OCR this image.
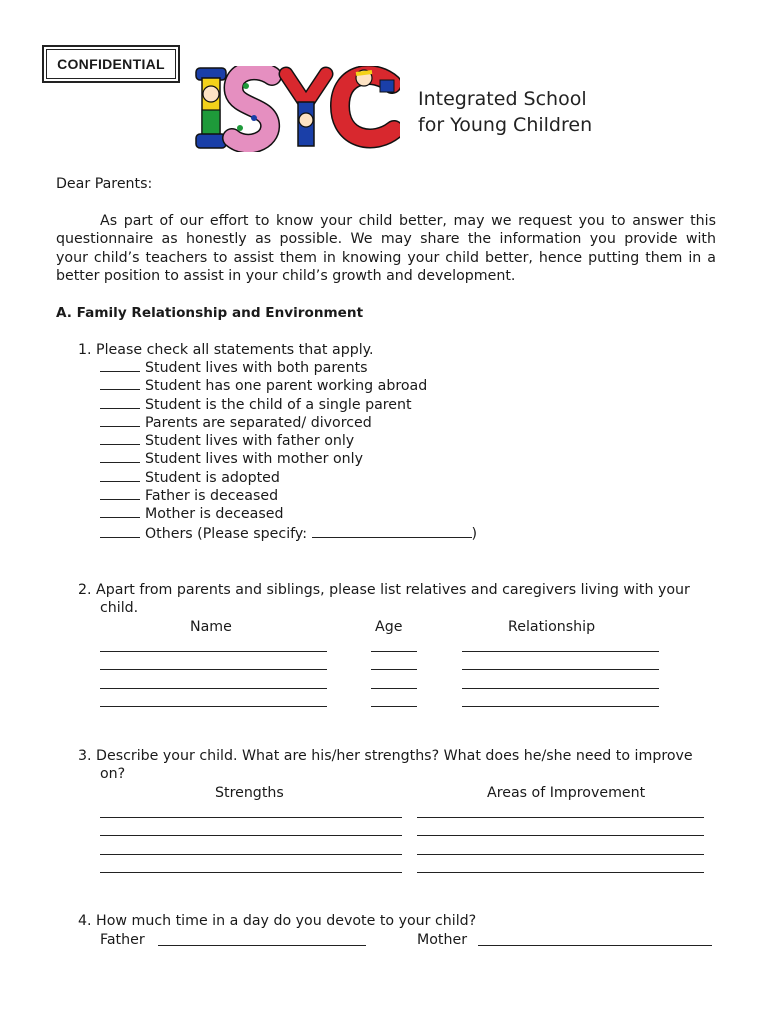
CONFIDENTIAL
Integrated School
for Young Children
Dear Parents:
As part of our effort to know your child better, may we request you to answer this
questionnaire as honestly as possible. We may share the information you provide with
your child’s teachers to assist them in knowing your child better, hence putting them in a
better position to assist in your child’s growth and development.
A. Family Relationship and Environment
1. Please check all statements that apply.
Student lives with both parents
Student has one parent working abroad
Student is the child of a single parent
Parents are separated/ divorced
Student lives with father only
Student lives with mother only
Student is adopted
Father is deceased
Mother is deceased
Others (Please specify:	)
2. Apart from parents and siblings, please list relatives and caregivers living with your
child.
Name	Age	Relationship
3. Describe your child. What are his/her strengths? What does he/she need to improve
on?
Strengths	Areas of Improvement
4. How much time in a day do you devote to your child?
Father	Mother
